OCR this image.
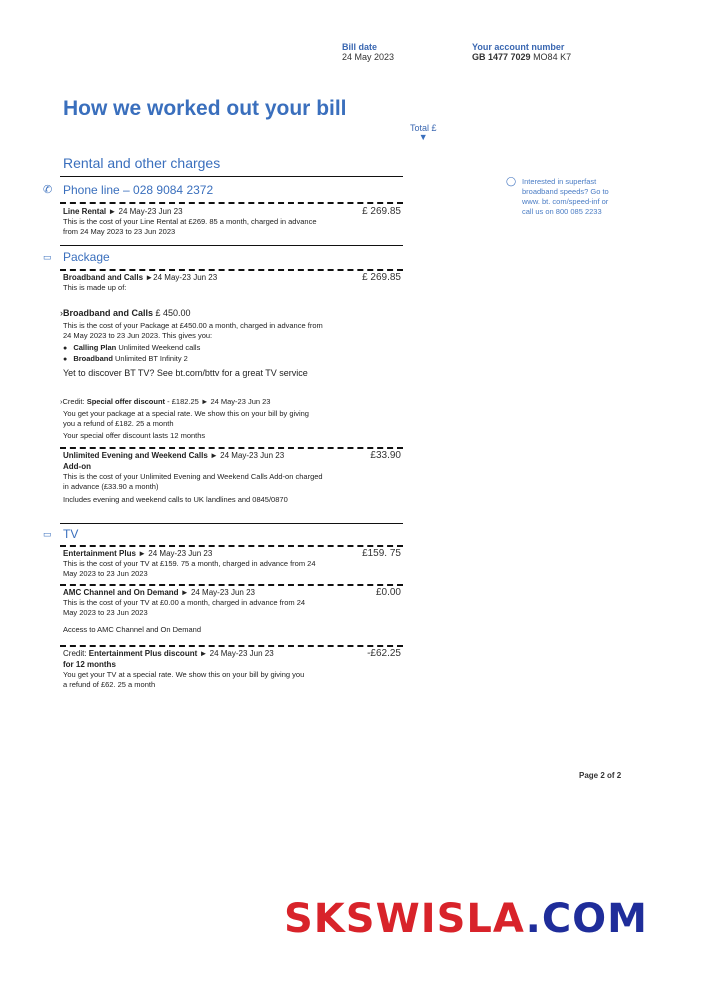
Bill date
24 May 2023
Your account number
GB 1477 7029 MO84 K7
How we worked out your bill
Total £
▼
Rental and other charges
✆ Phone line – 028 9084 2372
Line Rental ► 24 May-23 Jun 23	£ 269.85
This is the cost of your Line Rental at £269. 85 a month, charged in advance
from 24 May 2023 to 23 Jun 2023
◯ Interested in superfast
broadband speeds? Go to
www. bt. com/speed-inf or
call us on 800 085 2233
▭ Package
Broadband and Calls ►24 May-23 Jun 23	£ 269.85
This is made up of:
›Broadband and Calls £ 450.00
This is the cost of your Package at £450.00 a month, charged in advance from
24 May 2023 to 23 Jun 2023. This gives you:
● Calling Plan Unlimited Weekend calls
● Broadband Unlimited BT Infinity 2
Yet to discover BT TV? See bt.com/bttv for a great TV service
›Credit: Special offer discount - £182.25 ► 24 May-23 Jun 23
You get your package at a special rate. We show this on your bill by giving
you a refund of £182. 25 a month
Your special offer discount lasts 12 months
Unlimited Evening and Weekend Calls ► 24 May-23 Jun 23	£33.90
Add-on
This is the cost of your Unlimited Evening and Weekend Calls Add-on charged
in advance (£33.90 a month)
Includes evening and weekend calls to UK landlines and 0845/0870
▭ TV
Entertainment Plus ► 24 May-23 Jun 23	£159. 75
This is the cost of your TV at £159. 75 a month, charged in advance from 24
May 2023 to 23 Jun 2023
AMC Channel and On Demand ► 24 May-23 Jun 23	£0.00
This is the cost of your TV at £0.00 a month, charged in advance from 24
May 2023 to 23 Jun 2023
Access to AMC Channel and On Demand
Credit: Entertainment Plus discount ► 24 May-23 Jun 23	-£62.25
for 12 months
You get your TV at a special rate. We show this on your bill by giving you
a refund of £62. 25 a month
Page 2 of 2
SKSWISLA.COM
